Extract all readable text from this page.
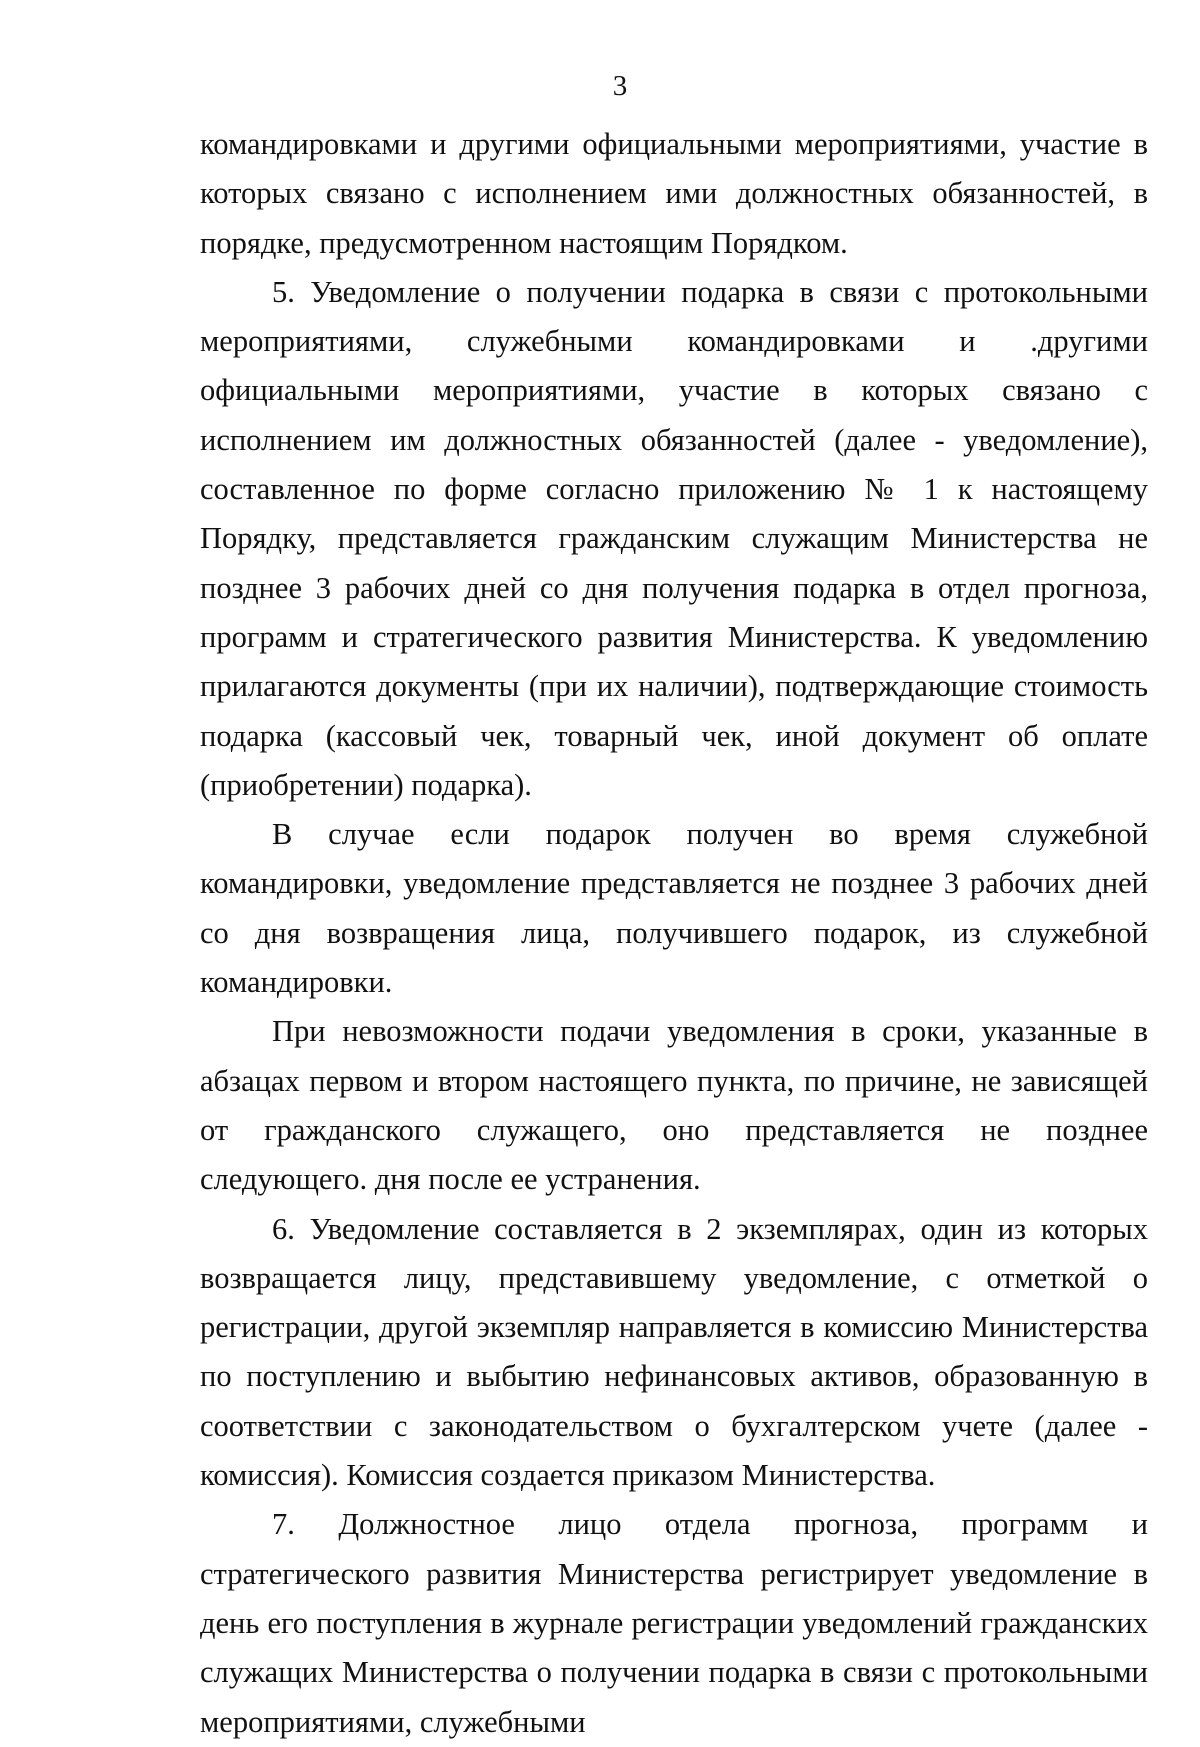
3

командировками и другими официальными мероприятиями, участие в которых связано с исполнением ими должностных обязанностей, в порядке, предусмотренном настоящим Порядком.

5. Уведомление о получении подарка в связи с протокольными мероприятиями, служебными командировками и .другими официальными мероприятиями, участие в которых связано с исполнением им должностных обязанностей (далее - уведомление), составленное по форме согласно приложению № 1 к настоящему Порядку, представляется гражданским служащим Министерства не позднее 3 рабочих дней со дня получения подарка в отдел прогноза, программ и стратегического развития Министерства. К уведомлению прилагаются документы (при их наличии), подтверждающие стоимость подарка (кассовый чек, товарный чек, иной документ об оплате (приобретении) подарка).

В случае если подарок получен во время служебной командировки, уведомление представляется не позднее 3 рабочих дней со дня возвращения лица, получившего подарок, из служебной командировки.

При невозможности подачи уведомления в сроки, указанные в абзацах первом и втором настоящего пункта, по причине, не зависящей от гражданского служащего, оно представляется не позднее следующего. дня после ее устранения.

6. Уведомление составляется в 2 экземплярах, один из которых возвращается лицу, представившему уведомление, с отметкой о регистрации, другой экземпляр направляется в комиссию Министерства по поступлению и выбытию нефинансовых активов, образованную в соответствии с законодательством о бухгалтерском учете (далее - комиссия). Комиссия создается приказом Министерства.

7. Должностное лицо отдела прогноза, программ и стратегического развития Министерства регистрирует уведомление в день его поступления в журнале регистрации уведомлений гражданских служащих Министерства о получении подарка в связи с протокольными мероприятиями, служебными
